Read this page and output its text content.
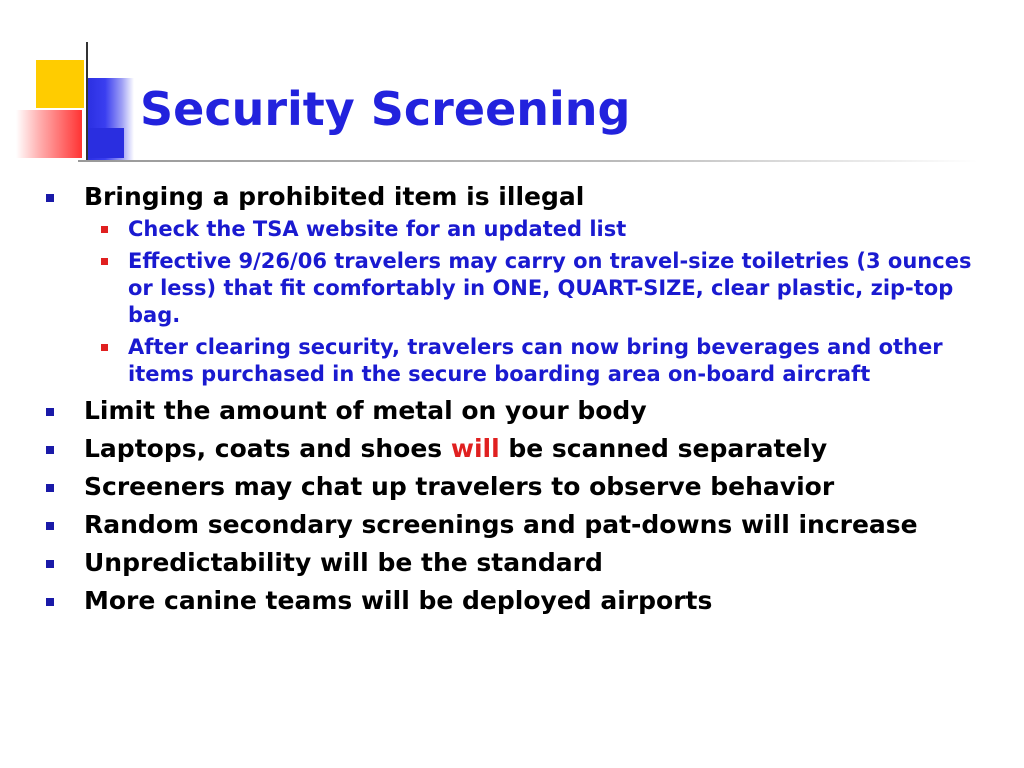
Security Screening
Bringing a prohibited item is illegal
Check the TSA website for an updated list
Effective 9/26/06 travelers may carry on travel-size toiletries (3 ounces or less) that fit comfortably in ONE, QUART-SIZE, clear plastic, zip-top bag.
After clearing security, travelers can now bring beverages and other items purchased in the secure boarding area on-board aircraft
Limit the amount of metal on your body
Laptops, coats and shoes will be scanned separately
Screeners may chat up travelers to observe behavior
Random secondary screenings and pat-downs will increase
Unpredictability will be the standard
More canine teams will be deployed airports
